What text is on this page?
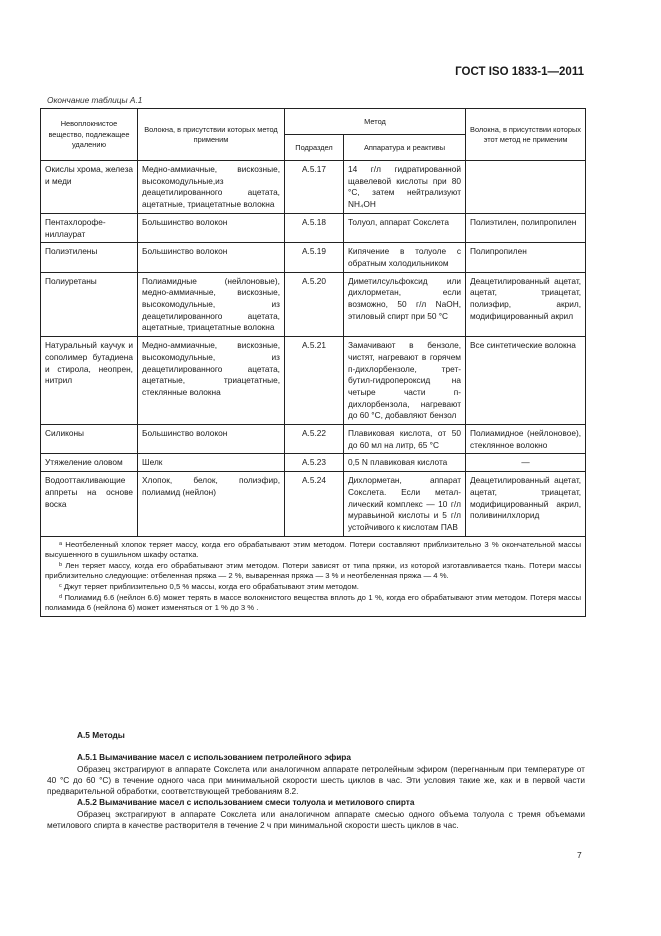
ГОСТ ISO 1833-1—2011
Окончание таблицы А.1
Невоплокнистое вещество, подлежащее удалению	Волокна, в присутствии которых метод применим	Метод		Волокна, в присутствии которых этот метод не применим
		Подраздел	Аппаратура и реактивы	
Окислы хрома, железа и меди	Медно-аммиачные, вискозные, высокомодульные,из деацетилированного ацетата, ацетатные, триацетатные волокна	А.5.17	14 г/л гидратированной щавелевой кислоты при 80 °С, затем нейтрализуют NH₄OH	
Пентахлорофениллаурат	Большинство волокон	А.5.18	Толуол, аппарат Сокслета	Полиэтилен, полипропилен
Полиэтилены	Большинство волокон	А.5.19	Кипячение в толуоле с обратным холодильником	Полипропилен
Полиуретаны	Полиамидные (нейлоновые), медно-аммиачные, вискозные, высокомодульные, из деацетилированного ацетата, ацетатные, триацетатные волокна	А.5.20	Диметилсульфоксид или дихлорметан, если возможно, 50 г/л NaOH, этиловый спирт при 50 °С	Деацетилированный ацетат, ацетат, триацетат, полиэфир, акрил, модифицированный акрил
Натуральный каучук и сополимер бутадиена и стирола, неопрен, нитрил	Медно-аммиачные, вискозные, высокомодульные, из деацетилированного ацетата, ацетатные, триацетатные, стеклянные волокна	А.5.21	Замачивают в бензоле, чистят, нагревают в горячем п-дихлорбензоле, трет-бутил-гидропероксид на четыре части п-дихлорбензола, нагревают до 60 °С, добавляют бензол	Все синтетические волокна
Силиконы	Большинство волокон	А.5.22	Плавиковая кислота, от 50 до 60 мл на литр, 65 °С	Полиамидное (нейлоновое), стеклянное волокно
Утяжеление оловом	Шелк	А.5.23	0,5 N плавиковая кислота	—
Водооттакливающие аппреты на основе воска	Хлопок, белок, полиэфир, полиамид (нейлон)	А.5.24	Дихлорметан, аппарат Сокслета. Если металлический комплекс — 10 г/л муравьиной кислоты и 5 г/л устойчивого к кислотам ПАВ	Деацетилированный ацетат, ацетат, триацетат, модифицированный акрил, поливинилхлорид

$^а$ Неотбеленный хлопок теряет массу, когда его обрабатывают этим методом. Потери составляют приблизительно 3 % окончательной массы высушенного в сушильном шкафу остатка.
$^b$ Лен теряет массу, когда его обрабатывают этим методом. Потери зависят от типа пряжи, из которой изготавливается ткань. Потери массы приблизительно следующие: отбеленная пряжа — 2 %, вываренная пряжа — 3 % и неотбеленная пряжа — 4 %.
$^с$ Джут теряет приблизительно 0,5 % массы, когда его обрабатывают этим методом.
$^d$ Полиамид 6.6 (нейлон 6.6) может терять в массе волокнистого вещества вплоть до 1 %, когда его обрабатывают этим методом. Потеря массы полиамида 6 (нейлона 6) может изменяться от 1 % до 3 % .				

А.5 Методы

А.5.1 Вымачивание масел с использованием петролейного эфира

Образец экстрагируют в аппарате Сокслета или аналогичном аппарате петролейным эфиром (перегнанным при температуре от 40 °С до 60 °С) в течение одного часа при минимальной скорости шесть циклов в час. Эти условия такие же, как и в первой части предварительной обработки, соответствующей требованиям 8.2.

А.5.2 Вымачивание масел с использованием смеси толуола и метилового спирта

Образец экстрагируют в аппарате Сокслета или аналогичном аппарате смесью одного объема толуола с тремя объемами метилового спирта в качестве растворителя в течение 2 ч при минимальной скорости шесть циклов в час.

7
